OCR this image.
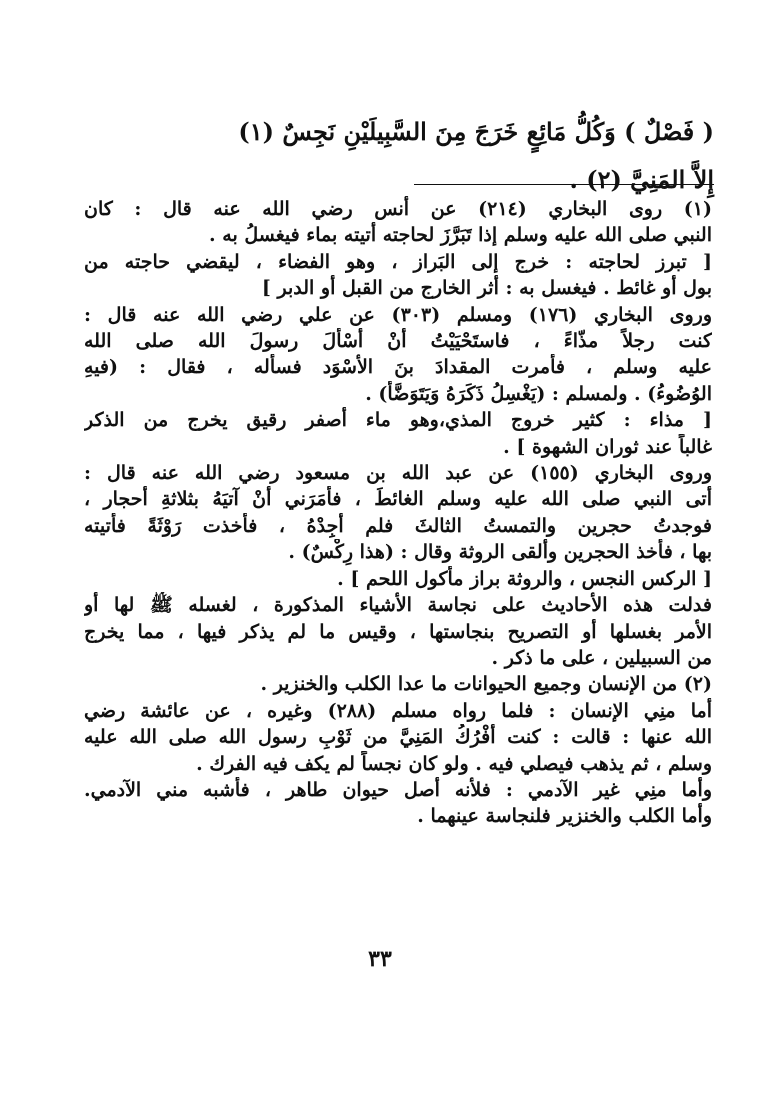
( فَصْلٌ ) وَكُلُّ مَائِعٍ خَرَجَ مِنَ السَّبِيلَيْنِ نَجِسٌ (١)
إِلاَّ المَنِيَّ (٢) .
(١) روى البخاري (٢١٤) عن أنس رضي الله عنه قال : كان
النبي صلى الله عليه وسلم إذا تَبَرَّزَ لحاجته أتيته بماء فيغسلُ به .
[ تبرز لحاجته : خرج إلى البَراز ، وهو الفضاء ، ليقضي حاجته من
بول أو غائط . فيغسل به : أثر الخارج من القبل أو الدبر ]
وروى البخاري (١٧٦) ومسلم (٣٠٣) عن علي رضي الله عنه قال :
كنت رجلاً مذّاءً ، فاستَحْيَيْتُ أنْ أسْأَلَ رسولَ الله صلى الله
عليه وسلم ، فأمرت المقدادَ بنَ الأسْوَد فسأله ، فقال : (فيهِ
الوُضُوءُ) . ولمسلم : (يَغْسِلُ ذَكَرَهُ وَيَتَوَضَّأ) .
[ مذاء : كثير خروج المذي،وهو ماء أصفر رقيق يخرج من الذكر
غالباً عند ثوران الشهوة ] .
وروى البخاري (١٥٥) عن عبد الله بن مسعود رضي الله عنه قال :
أتى النبي صلى الله عليه وسلم الغائطَ ، فأمَرَني أنْ آتيَهُ بثلاثةِ أحجار ،
فوجدتُ حجرين والتمستُ الثالثَ فلم أجِدْهُ ، فأخذت رَوْثَةً فأتيته
بها ، فأخذ الحجرين وألقى الروثة وقال : (هذا رِكْسٌ) .
[ الركس النجس ، والروثة براز مأكول اللحم ] .
فدلت هذه الأحاديث على نجاسة الأشياء المذكورة ، لغسله ﷺ لها أو
الأمر بغسلها أو التصريح بنجاستها ، وقيس ما لم يذكر فيها ، مما يخرج
من السبيلين ، على ما ذكر .
(٢) من الإنسان وجميع الحيوانات ما عدا الكلب والخنزير .
أما منِي الإنسان : فلما رواه مسلم (٢٨٨) وغيره ، عن عائشة رضي
الله عنها : قالت : كنت أفْرُكُ المَنِيَّ من ثَوْبِ رسول الله صلى الله عليه
وسلم ، ثم يذهب فيصلي فيه . ولو كان نجساً لم يكف فيه الفرك .
وأما منِي غير الآدمي : فلأنه أصل حيوان طاهر ، فأشبه مني الآدمي.
وأما الكلب والخنزير فلنجاسة عينهما .
٣٣
